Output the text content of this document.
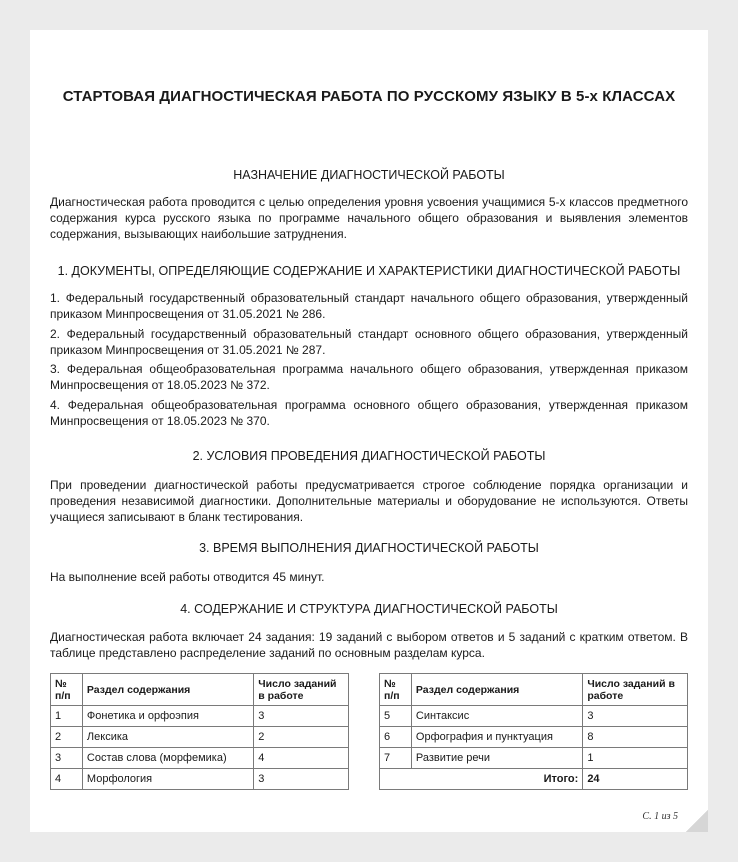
СТАРТОВАЯ ДИАГНОСТИЧЕСКАЯ РАБОТА ПО РУССКОМУ ЯЗЫКУ В 5-х КЛАССАХ
НАЗНАЧЕНИЕ ДИАГНОСТИЧЕСКОЙ РАБОТЫ
Диагностическая работа проводится с целью определения уровня усвоения учащимися 5-х классов предметного содержания курса русского языка по программе начального общего образования и выявления элементов содержания, вызывающих наибольшие затруднения.
1. ДОКУМЕНТЫ, ОПРЕДЕЛЯЮЩИЕ СОДЕРЖАНИЕ И ХАРАКТЕРИСТИКИ ДИАГНОСТИЧЕСКОЙ РАБОТЫ
1. Федеральный государственный образовательный стандарт начального общего образования, утвержденный приказом Минпросвещения от 31.05.2021 № 286.
2. Федеральный государственный образовательный стандарт основного общего образования, утвержденный приказом Минпросвещения от 31.05.2021 № 287.
3. Федеральная общеобразовательная программа начального общего образования, утвержденная приказом Минпросвещения от 18.05.2023 № 372.
4. Федеральная общеобразовательная программа основного общего образования, утвержденная приказом Минпросвещения от 18.05.2023 № 370.
2. УСЛОВИЯ ПРОВЕДЕНИЯ ДИАГНОСТИЧЕСКОЙ РАБОТЫ
При проведении диагностической работы предусматривается строгое соблюдение порядка организации и проведения независимой диагностики. Дополнительные материалы и оборудование не используются. Ответы учащиеся записывают в бланк тестирования.
3. ВРЕМЯ ВЫПОЛНЕНИЯ ДИАГНОСТИЧЕСКОЙ РАБОТЫ
На выполнение всей работы отводится 45 минут.
4. СОДЕРЖАНИЕ И СТРУКТУРА ДИАГНОСТИЧЕСКОЙ РАБОТЫ
Диагностическая работа включает 24 задания: 19 заданий с выбором ответов и 5 заданий с кратким ответом. В таблице представлено распределение заданий по основным разделам курса.
№ п/п	Раздел содержания	Число заданий в работе
1	Фонетика и орфоэпия	3
2	Лексика	2
3	Состав слова (морфемика)	4
4	Морфология	3
№ п/п	Раздел содержания	Число заданий в работе
5	Синтаксис	3
6	Орфография и пунктуация	8
7	Развитие речи	1
Итого:		24
С. 1 из 5
